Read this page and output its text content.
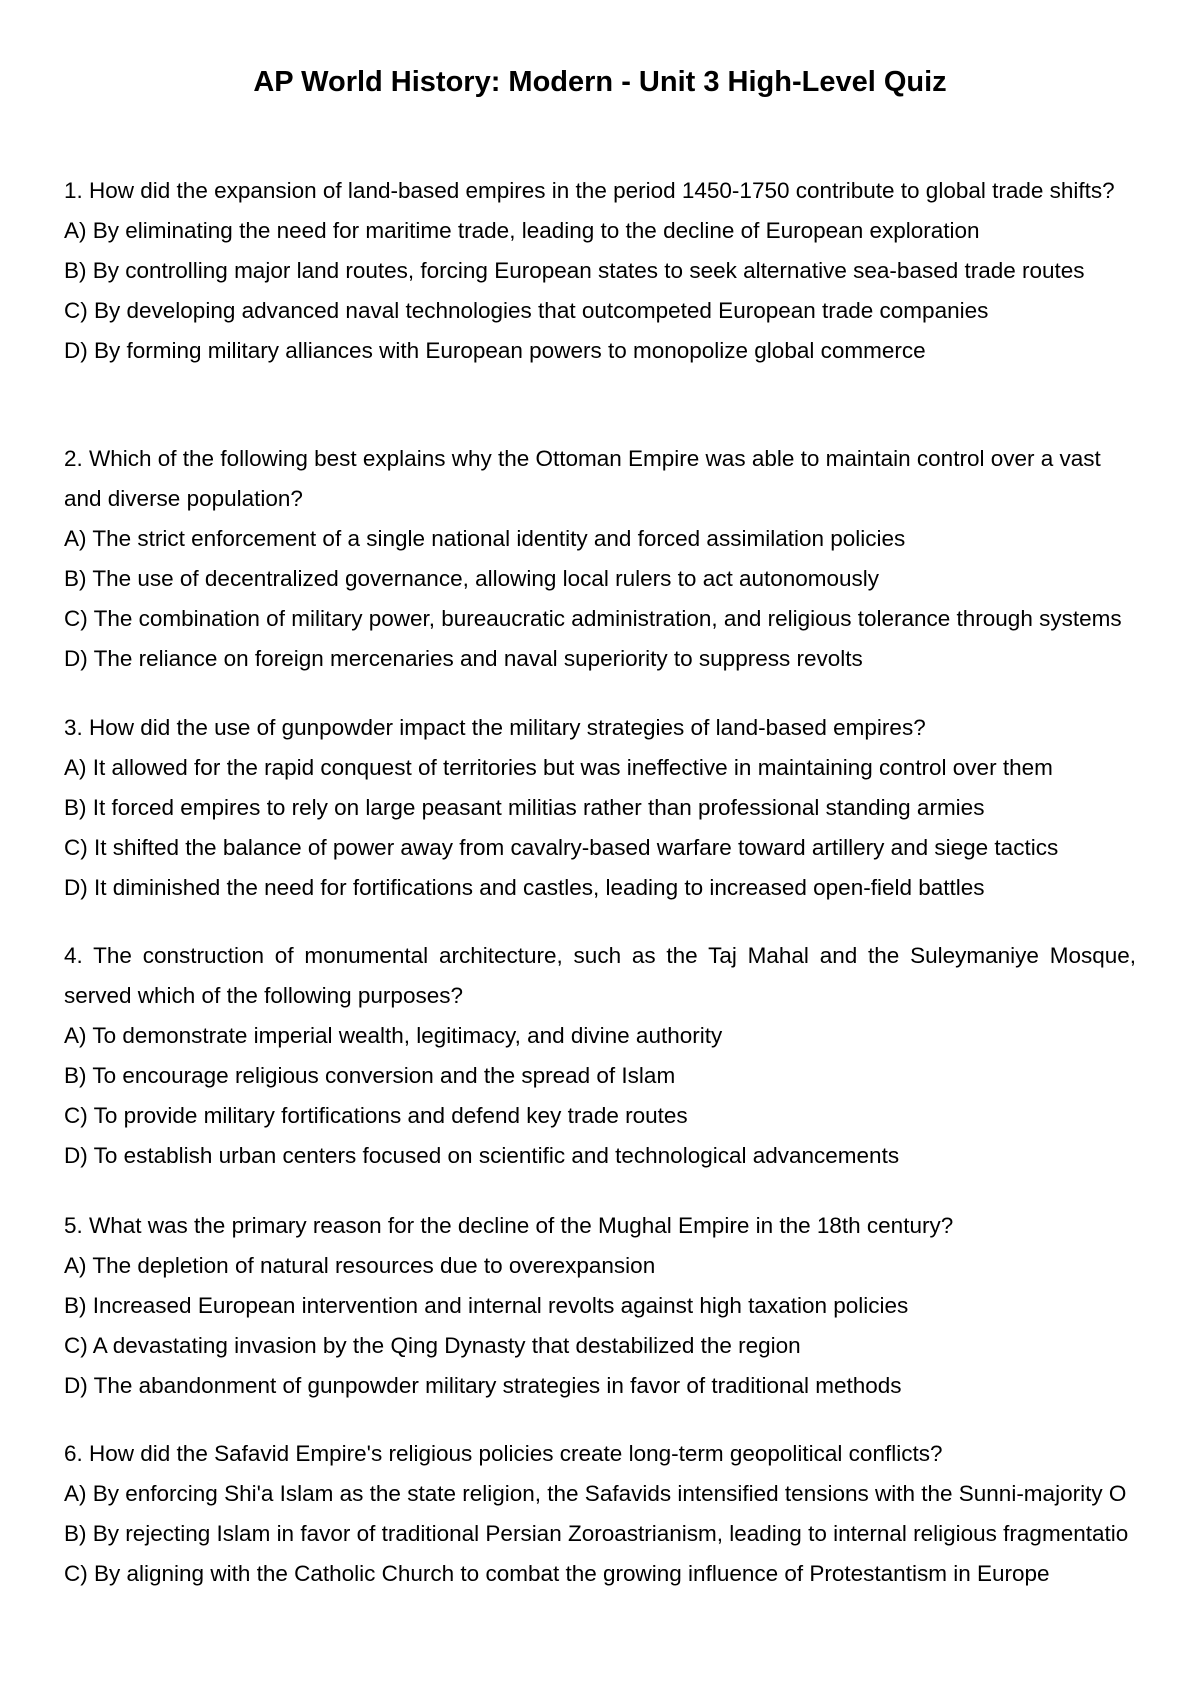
AP World History: Modern - Unit 3 High-Level Quiz

1. How did the expansion of land-based empires in the period 1450-1750 contribute to global trade shifts?

A) By eliminating the need for maritime trade, leading to the decline of European exploration

B) By controlling major land routes, forcing European states to seek alternative sea-based trade routes

C) By developing advanced naval technologies that outcompeted European trade companies

D) By forming military alliances with European powers to monopolize global commerce

2. Which of the following best explains why the Ottoman Empire was able to maintain control over a vast and diverse population?

A) The strict enforcement of a single national identity and forced assimilation policies

B) The use of decentralized governance, allowing local rulers to act autonomously

C) The combination of military power, bureaucratic administration, and religious tolerance through systems

D) The reliance on foreign mercenaries and naval superiority to suppress revolts

3. How did the use of gunpowder impact the military strategies of land-based empires?

A) It allowed for the rapid conquest of territories but was ineffective in maintaining control over them

B) It forced empires to rely on large peasant militias rather than professional standing armies

C) It shifted the balance of power away from cavalry-based warfare toward artillery and siege tactics

D) It diminished the need for fortifications and castles, leading to increased open-field battles

4. The construction of monumental architecture, such as the Taj Mahal and the Suleymaniye Mosque, served which of the following purposes?

A) To demonstrate imperial wealth, legitimacy, and divine authority

B) To encourage religious conversion and the spread of Islam

C) To provide military fortifications and defend key trade routes

D) To establish urban centers focused on scientific and technological advancements

5. What was the primary reason for the decline of the Mughal Empire in the 18th century?

A) The depletion of natural resources due to overexpansion

B) Increased European intervention and internal revolts against high taxation policies

C) A devastating invasion by the Qing Dynasty that destabilized the region

D) The abandonment of gunpowder military strategies in favor of traditional methods

6. How did the Safavid Empire's religious policies create long-term geopolitical conflicts?

A) By enforcing Shi'a Islam as the state religion, the Safavids intensified tensions with the Sunni-majority O

B) By rejecting Islam in favor of traditional Persian Zoroastrianism, leading to internal religious fragmentatio

C) By aligning with the Catholic Church to combat the growing influence of Protestantism in Europe
